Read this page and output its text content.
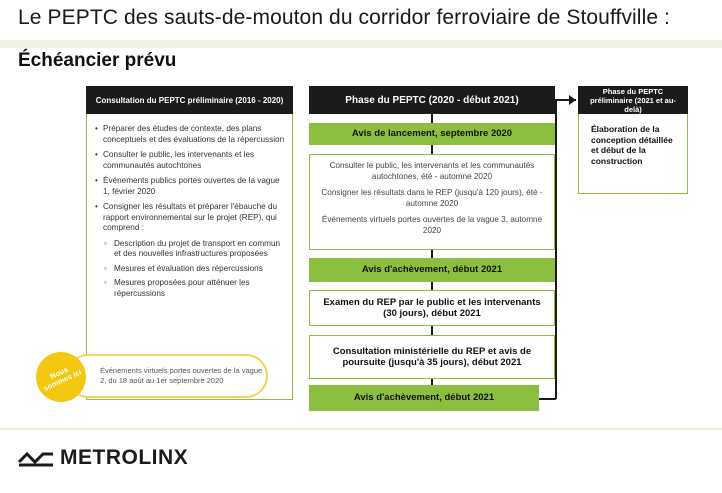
Le PEPTC des sauts-de-mouton du corridor ferroviaire de Stouffville :
Échéancier prévu
Consultation du PEPTC préliminaire (2016 - 2020)
• Préparer des études de contexte, des plans conceptuels et des évaluations de la répercussion
• Consulter le public, les intervenants et les communautés autochtones
• Événements publics portes ouvertes de la vague 1, février 2020
• Consigner les résultats et préparer l'ébauche du rapport environnemental sur le projet (REP), qui comprend :
▫ Description du projet de transport en commun et des nouvelles infrastructures proposées
▫ Mesures et évaluation des répercussions
▫ Mesures proposées pour atténuer les répercussions
Événements virtuels portes ouvertes de la vague 2, du 18 août au 1er septembre 2020
Nous sommes ici
Phase du PEPTC (2020 - début 2021)
Avis de lancement, septembre 2020

Consulter le public, les intervenants et les communautés autochtones, été - automne 2020

Consigner les résultats dans le REP (jusqu'à 120 jours), été - automne 2020

Événements virtuels portes ouvertes de la vague 3, automne 2020

Avis d'achèvement, début 2021
Examen du REP par le public et les intervenants (30 jours), début 2021
Consultation ministérielle du REP et avis de poursuite (jusqu'à 35 jours), début 2021
Avis d'achèvement, début 2021
Phase du PEPTC préliminaire (2021 et au-delà)
Élaboration de la conception détaillée et début de la construction
METROLINX
